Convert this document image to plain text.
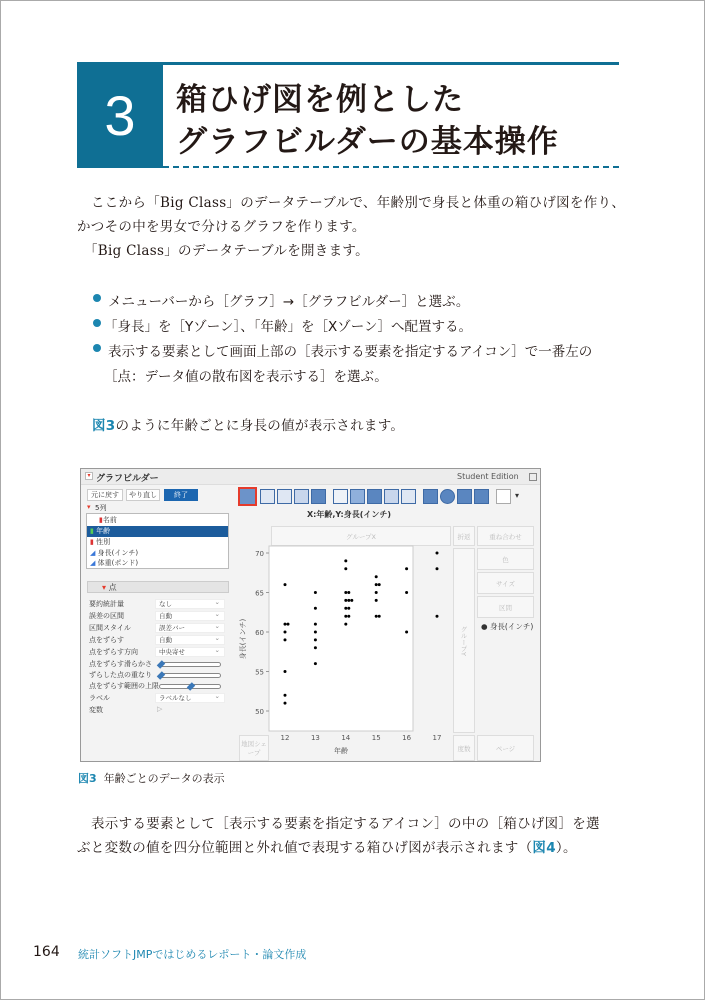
3	箱ひげ図を例とした
グラフビルダーの基本操作
ここから「Big Class」のデータテーブルで、年齢別で身長と体重の箱ひげ図を作り、
かつその中を男女で分けるグラフを作ります。
「Big Class」のデータテーブルを開きます。
メニューバーから［グラフ］→［グラフビルダー］と選ぶ。
「身長」を［Yゾーン］、「年齢」を［Xゾーン］へ配置する。
表示する要素として画面上部の［表示する要素を指定するアイコン］で一番左の
［点：データ値の散布図を表示する］を選ぶ。
図3のように年齢ごとに身長の値が表示されます。
▾ グラフビルダー	Student Edition
元に戻す	やり直し	終了
▾ 5列
▮名前
▮ 年齢
▮ 性別
◢ 身長(インチ)
◢ 体重(ポンド)
▾ 点
要約統計量	なし ⌄
誤差の区間	自動 ⌄
区間スタイル	誤差バー ⌄
点をずらす	自動 ⌄
点をずらす方向	中央寄せ ⌄
点をずらす滑らかさ
ずらした点の重なり
点をずらす範囲の上限
ラベル	ラベルなし ⌄
変数	▷
▾
X:年齢,Y:身長(インチ)
グループX	折返	重ね合わせ
グループY
色
サイズ
区間
● 身長(インチ)
地図シェープ
度数	ページ
50
55
60
65
70
12	13	14	15	16	17
年齢
身長(インチ)
図3 年齢ごとのデータの表示
表示する要素として［表示する要素を指定するアイコン］の中の［箱ひげ図］を選
ぶと変数の値を四分位範囲と外れ値で表現する箱ひげ図が表示されます（図4）。
164 統計ソフトJMPではじめるレポート・論文作成
